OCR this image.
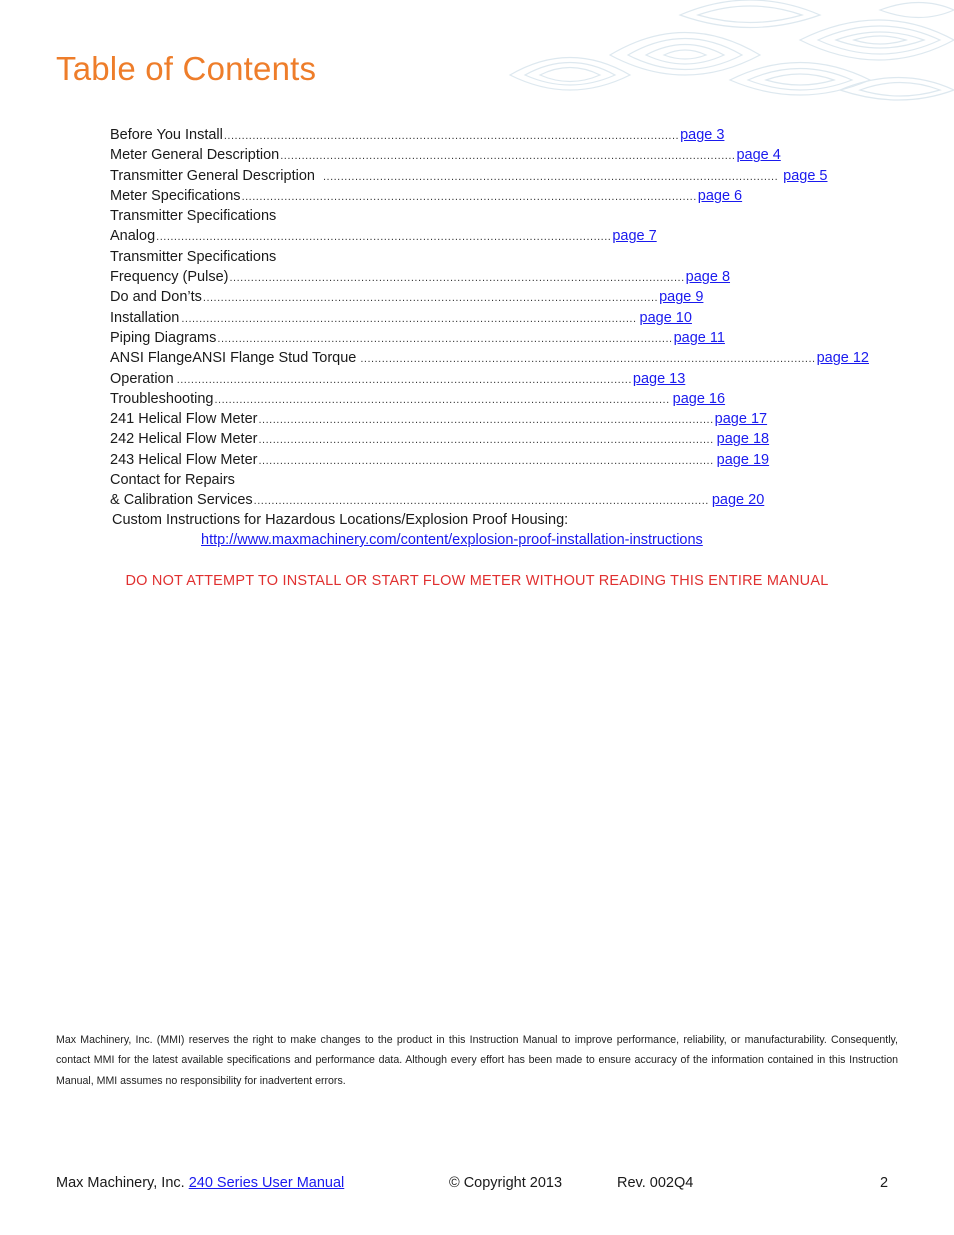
Table of Contents
Before You Install ................................................................................................................................ page 3
Meter General Description ................................................................................................................................ page 4
Transmitter General Description ................................................................................................................................ page 5
Meter Specifications ................................................................................................................................ page 6
Transmitter Specifications
Analog ................................................................................................................................ page 7
Transmitter Specifications
Frequency (Pulse) ................................................................................................................................ page 8
Do and Don’ts ................................................................................................................................ page 9
Installation ................................................................................................................................ page 10
Piping Diagrams ................................................................................................................................ page 11
ANSI FlangeANSI Flange Stud Torque ................................................................................................................................ page 12
Operation ................................................................................................................................ page 13
Troubleshooting ................................................................................................................................ page 16
241 Helical Flow Meter ................................................................................................................................ page 17
242 Helical Flow Meter ................................................................................................................................ page 18
243 Helical Flow Meter ................................................................................................................................ page 19
Contact for Repairs
& Calibration Services ................................................................................................................................ page 20
Custom Instructions for Hazardous Locations/Explosion Proof Housing:
http://www.maxmachinery.com/content/explosion-proof-installation-instructions
DO NOT ATTEMPT TO INSTALL OR START FLOW METER WITHOUT READING THIS ENTIRE MANUAL

Max Machinery, Inc. (MMI) reserves the right to make changes to the product in this Instruction Manual to improve performance, reliability, or manufacturability. Consequently, contact MMI for the latest available specifications and performance data. Although every effort has been made to ensure accuracy of the information contained in this Instruction Manual, MMI assumes no responsibility for inadvertent errors.

Max Machinery, Inc. 240 Series User Manual	© Copyright 2013	Rev. 002Q4	2
